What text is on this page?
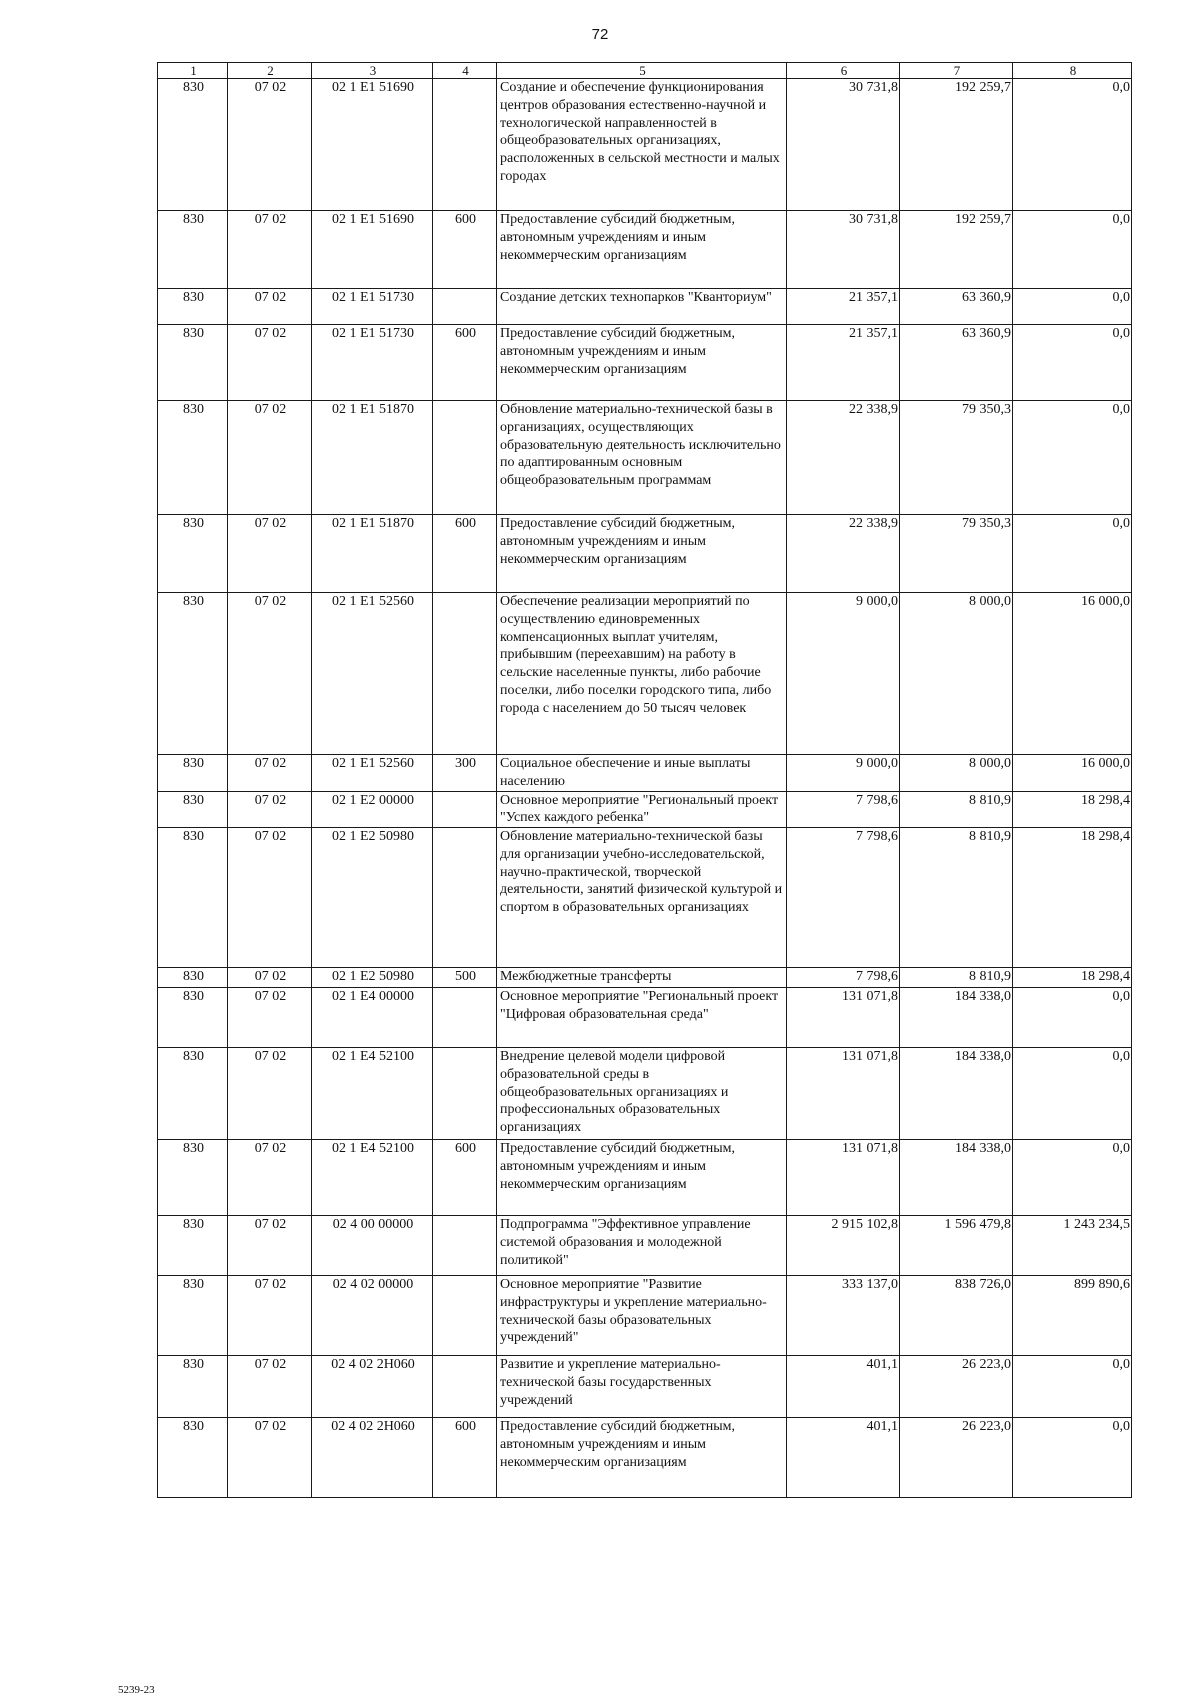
72
1	2	3	4	5	6	7	8
830	07 02	02 1 E1 51690		Создание и обеспечение функционирования центров образования естественно-научной и технологической направленностей в общеобразовательных организациях, расположенных в сельской местности и малых городах	30 731,8	192 259,7	0,0
830	07 02	02 1 E1 51690	600	Предоставление субсидий бюджетным, автономным учреждениям и иным некоммерческим организациям	30 731,8	192 259,7	0,0
830	07 02	02 1 E1 51730		Создание детских технопарков "Кванториум"	21 357,1	63 360,9	0,0
830	07 02	02 1 E1 51730	600	Предоставление субсидий бюджетным, автономным учреждениям и иным некоммерческим организациям	21 357,1	63 360,9	0,0
830	07 02	02 1 E1 51870		Обновление материально-технической базы в организациях, осуществляющих образовательную деятельность исключительно по адаптированным основным общеобразовательным программам	22 338,9	79 350,3	0,0
830	07 02	02 1 E1 51870	600	Предоставление субсидий бюджетным, автономным учреждениям и иным некоммерческим организациям	22 338,9	79 350,3	0,0
830	07 02	02 1 E1 52560		Обеспечение реализации мероприятий по осуществлению единовременных компенсационных выплат учителям, прибывшим (переехавшим) на работу в сельские населенные пункты, либо рабочие поселки, либо поселки городского типа, либо города с населением до 50 тысяч человек	9 000,0	8 000,0	16 000,0
830	07 02	02 1 E1 52560	300	Социальное обеспечение и иные выплаты населению	9 000,0	8 000,0	16 000,0
830	07 02	02 1 E2 00000		Основное мероприятие "Региональный проект "Успех каждого ребенка"	7 798,6	8 810,9	18 298,4
830	07 02	02 1 E2 50980		Обновление материально-технической базы для организации учебно-исследовательской, научно-практической, творческой деятельности, занятий физической культурой и спортом в образовательных организациях	7 798,6	8 810,9	18 298,4
830	07 02	02 1 E2 50980	500	Межбюджетные трансферты	7 798,6	8 810,9	18 298,4
830	07 02	02 1 E4 00000		Основное мероприятие "Региональный проект "Цифровая образовательная среда"	131 071,8	184 338,0	0,0
830	07 02	02 1 E4 52100		Внедрение целевой модели цифровой образовательной среды в общеобразовательных организациях и профессиональных образовательных организациях	131 071,8	184 338,0	0,0
830	07 02	02 1 E4 52100	600	Предоставление субсидий бюджетным, автономным учреждениям и иным некоммерческим организациям	131 071,8	184 338,0	0,0
830	07 02	02 4 00 00000		Подпрограмма "Эффективное управление системой образования и молодежной политикой"	2 915 102,8	1 596 479,8	1 243 234,5
830	07 02	02 4 02 00000		Основное мероприятие "Развитие инфраструктуры и укрепление материально-технической базы образовательных учреждений"	333 137,0	838 726,0	899 890,6
830	07 02	02 4 02 2H060		Развитие и укрепление материально-технической базы государственных учреждений	401,1	26 223,0	0,0
830	07 02	02 4 02 2H060	600	Предоставление субсидий бюджетным, автономным учреждениям и иным некоммерческим организациям	401,1	26 223,0	0,0
5239-23
